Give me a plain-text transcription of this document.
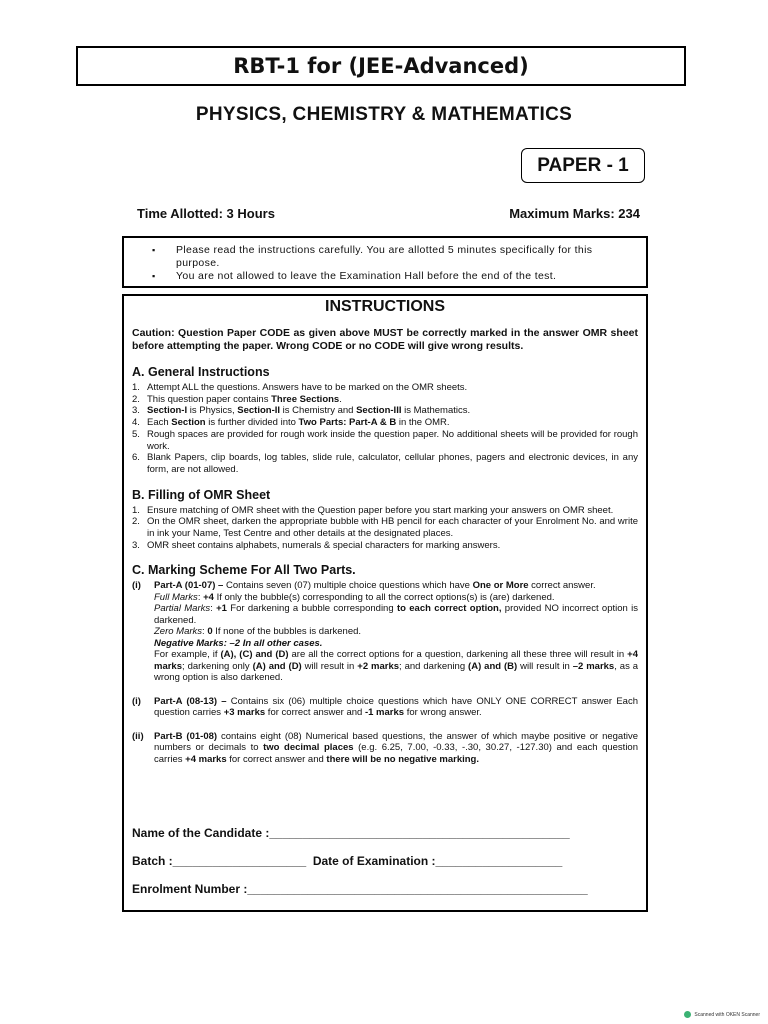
RBT-1 for (JEE-Advanced)
PHYSICS, CHEMISTRY & MATHEMATICS
PAPER - 1
Time Allotted: 3 Hours	Maximum Marks: 234
▪ Please read the instructions carefully. You are allotted 5 minutes specifically for this purpose.
▪ You are not allowed to leave the Examination Hall before the end of the test.
INSTRUCTIONS
Caution: Question Paper CODE as given above MUST be correctly marked in the answer OMR sheet before attempting the paper. Wrong CODE or no CODE will give wrong results.
A. General Instructions
1. Attempt ALL the questions. Answers have to be marked on the OMR sheets.
2. This question paper contains Three Sections.
3. Section-I is Physics, Section-II is Chemistry and Section-III is Mathematics.
4. Each Section is further divided into Two Parts: Part-A & B in the OMR.
5. Rough spaces are provided for rough work inside the question paper. No additional sheets will be provided for rough work.
6. Blank Papers, clip boards, log tables, slide rule, calculator, cellular phones, pagers and electronic devices, in any form, are not allowed.
B. Filling of OMR Sheet
1. Ensure matching of OMR sheet with the Question paper before you start marking your answers on OMR sheet.
2. On the OMR sheet, darken the appropriate bubble with HB pencil for each character of your Enrolment No. and write in ink your Name, Test Centre and other details at the designated places.
3. OMR sheet contains alphabets, numerals & special characters for marking answers.
C. Marking Scheme For All Two Parts.
(i) Part-A (01-07) – Contains seven (07) multiple choice questions which have One or More correct answer.
Full Marks: +4 If only the bubble(s) corresponding to all the correct options(s) is (are) darkened.
Partial Marks: +1 For darkening a bubble corresponding to each correct option, provided NO incorrect option is darkened.
Zero Marks: 0 If none of the bubbles is darkened.
Negative Marks: –2 In all other cases.
For example, if (A), (C) and (D) are all the correct options for a question, darkening all these three will result in +4 marks; darkening only (A) and (D) will result in +2 marks; and darkening (A) and (B) will result in –2 marks, as a wrong option is also darkened.
(i) Part-A (08-13) – Contains six (06) multiple choice questions which have ONLY ONE CORRECT answer Each question carries +3 marks for correct answer and -1 marks for wrong answer.
(ii) Part-B (01-08) contains eight (08) Numerical based questions, the answer of which maybe positive or negative numbers or decimals to two decimal places (e.g. 6.25, 7.00, -0.33, -.30, 30.27, -127.30) and each question carries +4 marks for correct answer and there will be no negative marking.
Name of the Candidate :_____________________________________________
Batch :____________________ Date of Examination :___________________
Enrolment Number :___________________________________________________
Scanned with OKEN Scanner
